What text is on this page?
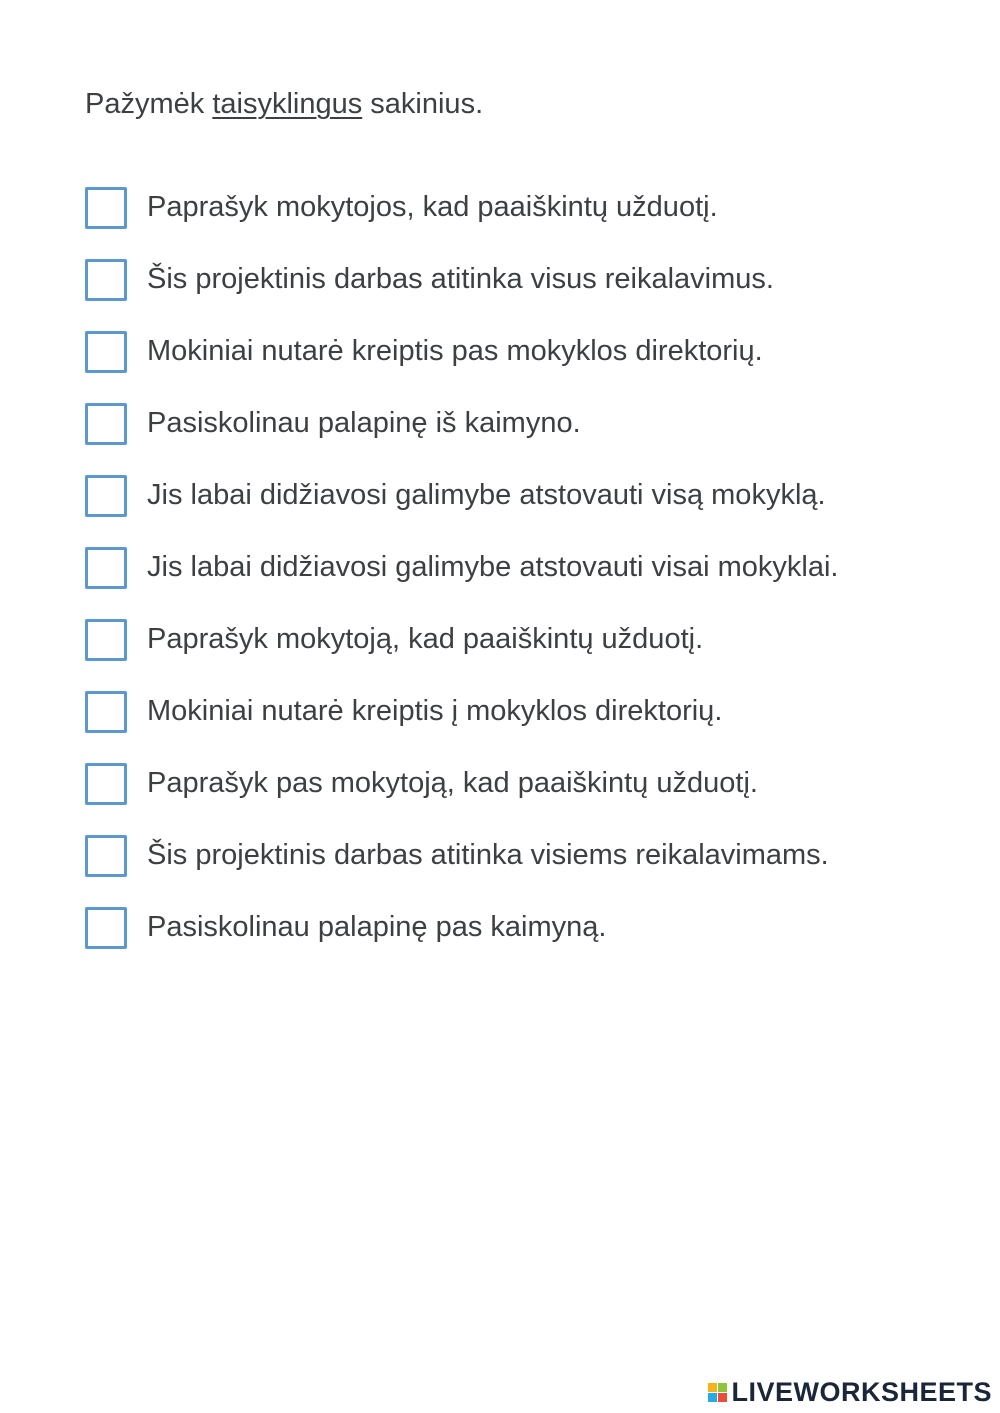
Pažymėk taisyklingus sakinius.
Paprašyk mokytojos, kad paaiškintų užduotį.
Šis projektinis darbas atitinka visus reikalavimus.
Mokiniai nutarė kreiptis pas mokyklos direktorių.
Pasiskolinau palapinę iš kaimyno.
Jis labai didžiavosi galimybe atstovauti visą mokyklą.
Jis labai didžiavosi galimybe atstovauti visai mokyklai.
Paprašyk mokytoją, kad paaiškintų užduotį.
Mokiniai nutarė kreiptis į mokyklos direktorių.
Paprašyk pas mokytoją, kad paaiškintų užduotį.
Šis projektinis darbas atitinka visiems reikalavimams.
Pasiskolinau palapinę pas kaimyną.
LIVEWORKSHEETS
